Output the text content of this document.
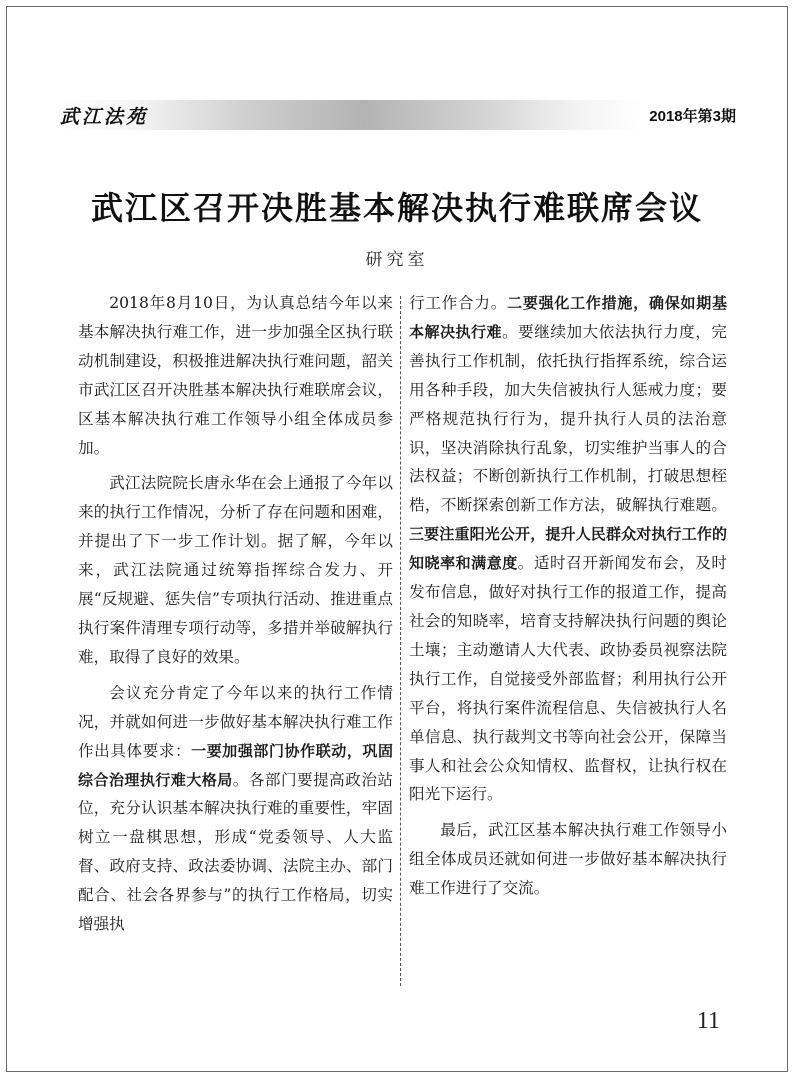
武江法苑	2018年第3期
武江区召开决胜基本解决执行难联席会议
研究室

2018年8月10日，为认真总结今年以来基本解决执行难工作，进一步加强全区执行联动机制建设，积极推进解决执行难问题，韶关市武江区召开决胜基本解决执行难联席会议，区基本解决执行难工作领导小组全体成员参加。

武江法院院长唐永华在会上通报了今年以来的执行工作情况，分析了存在问题和困难，并提出了下一步工作计划。据了解，今年以来，武江法院通过统筹指挥综合发力、开展“反规避、惩失信”专项执行活动、推进重点执行案件清理专项行动等，多措并举破解执行难，取得了良好的效果。

会议充分肯定了今年以来的执行工作情况，并就如何进一步做好基本解决执行难工作作出具体要求：一要加强部门协作联动，巩固综合治理执行难大格局。各部门要提高政治站位，充分认识基本解决执行难的重要性，牢固树立一盘棋思想，形成“党委领导、人大监督、政府支持、政法委协调、法院主办、部门配合、社会各界参与”的执行工作格局，切实增强执

行工作合力。二要强化工作措施，确保如期基本解决执行难。要继续加大依法执行力度，完善执行工作机制，依托执行指挥系统，综合运用各种手段，加大失信被执行人惩戒力度；要严格规范执行行为，提升执行人员的法治意识，坚决消除执行乱象，切实维护当事人的合法权益；不断创新执行工作机制，打破思想桎梏，不断探索创新工作方法，破解执行难题。三要注重阳光公开，提升人民群众对执行工作的知晓率和满意度。适时召开新闻发布会，及时发布信息，做好对执行工作的报道工作，提高社会的知晓率，培育支持解决执行问题的舆论土壤；主动邀请人大代表、政协委员视察法院执行工作，自觉接受外部监督；利用执行公开平台，将执行案件流程信息、失信被执行人名单信息、执行裁判文书等向社会公开，保障当事人和社会公众知情权、监督权，让执行权在阳光下运行。

最后，武江区基本解决执行难工作领导小组全体成员还就如何进一步做好基本解决执行难工作进行了交流。

11
